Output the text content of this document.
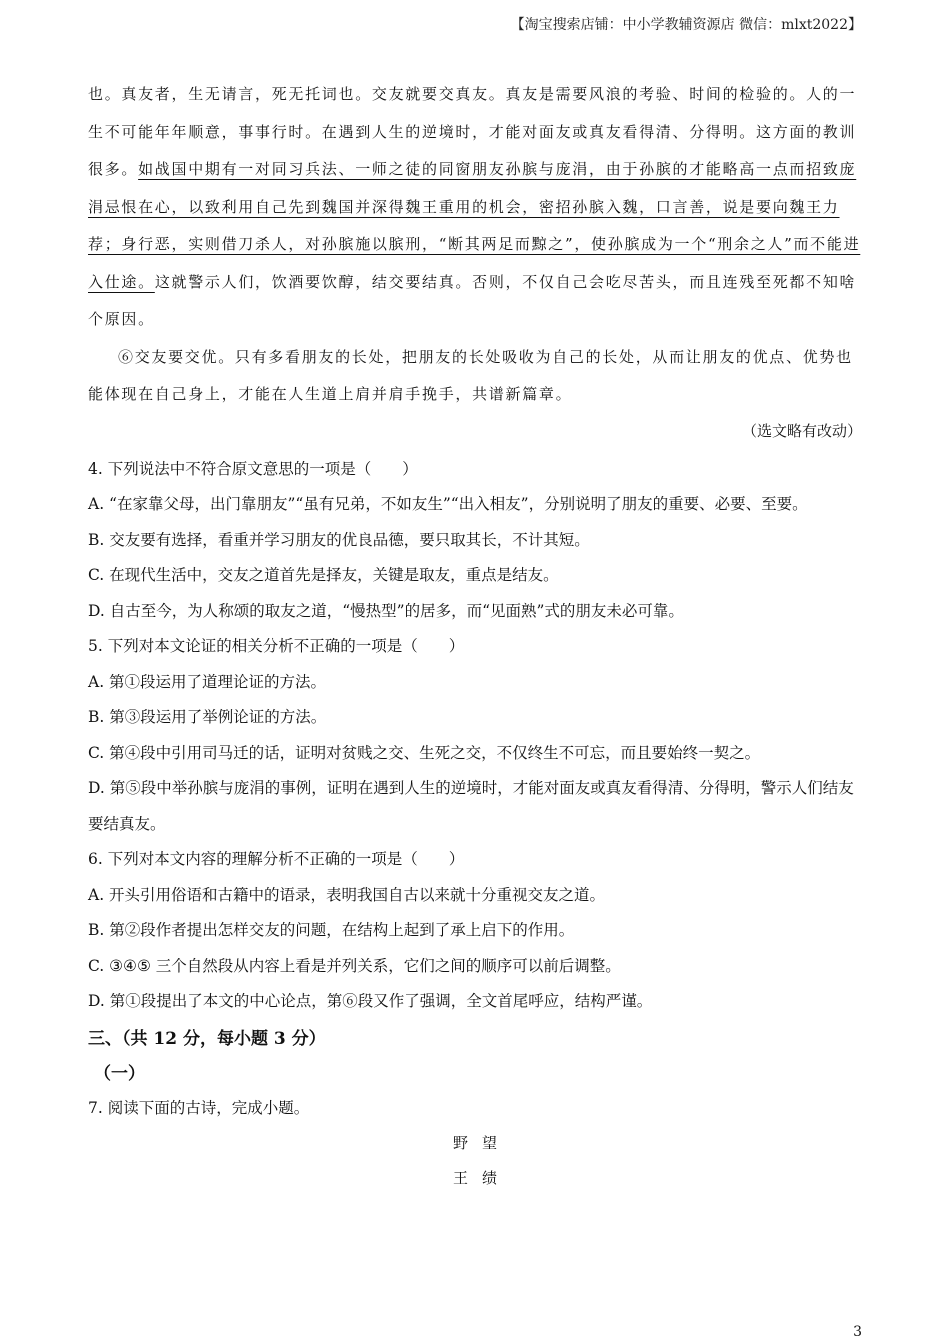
【淘宝搜索店铺：中小学教辅资源店 微信：mlxt2022】

也。真友者，生无请言，死无托词也。交友就要交真友。真友是需要风浪的考验、时间的检验的。人的一生不可能年年顺意，事事行时。在遇到人生的逆境时，才能对面友或真友看得清、分得明。这方面的教训很多。如战国中期有一对同习兵法、一师之徒的同窗朋友孙膑与庞涓，由于孙膑的才能略高一点而招致庞涓忌恨在心，以致利用自己先到魏国并深得魏王重用的机会，密招孙膑入魏，口言善，说是要向魏王力荐；身行恶，实则借刀杀人，对孙膑施以膑刑，“断其两足而黥之”，使孙膑成为一个“刑余之人”而不能进入仕途。这就警示人们，饮酒要饮醇，结交要结真。否则，不仅自己会吃尽苦头，而且连残至死都不知啥个原因。

⑥交友要交优。只有多看朋友的长处，把朋友的长处吸收为自己的长处，从而让朋友的优点、优势也能体现在自己身上，才能在人生道上肩并肩手挽手，共谱新篇章。

（选文略有改动）

4. 下列说法中不符合原文意思的一项是（　　）

A. “在家靠父母，出门靠朋友”“虽有兄弟，不如友生”“出入相友”，分别说明了朋友的重要、必要、至要。

B. 交友要有选择，看重并学习朋友的优良品德，要只取其长，不计其短。

C. 在现代生活中，交友之道首先是择友，关键是取友，重点是结友。

D. 自古至今，为人称颂的取友之道，“慢热型”的居多，而“见面熟”式的朋友未必可靠。

5. 下列对本文论证的相关分析不正确的一项是（　　）

A. 第①段运用了道理论证的方法。

B. 第③段运用了举例论证的方法。

C. 第④段中引用司马迁的话，证明对贫贱之交、生死之交，不仅终生不可忘，而且要始终一契之。

D. 第⑤段中举孙膑与庞涓的事例，证明在遇到人生的逆境时，才能对面友或真友看得清、分得明，警示人们结友要结真友。

6. 下列对本文内容的理解分析不正确的一项是（　　）

A. 开头引用俗语和古籍中的语录，表明我国自古以来就十分重视交友之道。

B. 第②段作者提出怎样交友的问题，在结构上起到了承上启下的作用。

C. ③④⑤ 三个自然段从内容上看是并列关系，它们之间的顺序可以前后调整。

D. 第①段提出了本文的中心论点，第⑥段又作了强调，全文首尾呼应，结构严谨。

三、（共 12 分，每小题 3 分）

（一）

7. 阅读下面的古诗，完成小题。

野望

王绩

3
